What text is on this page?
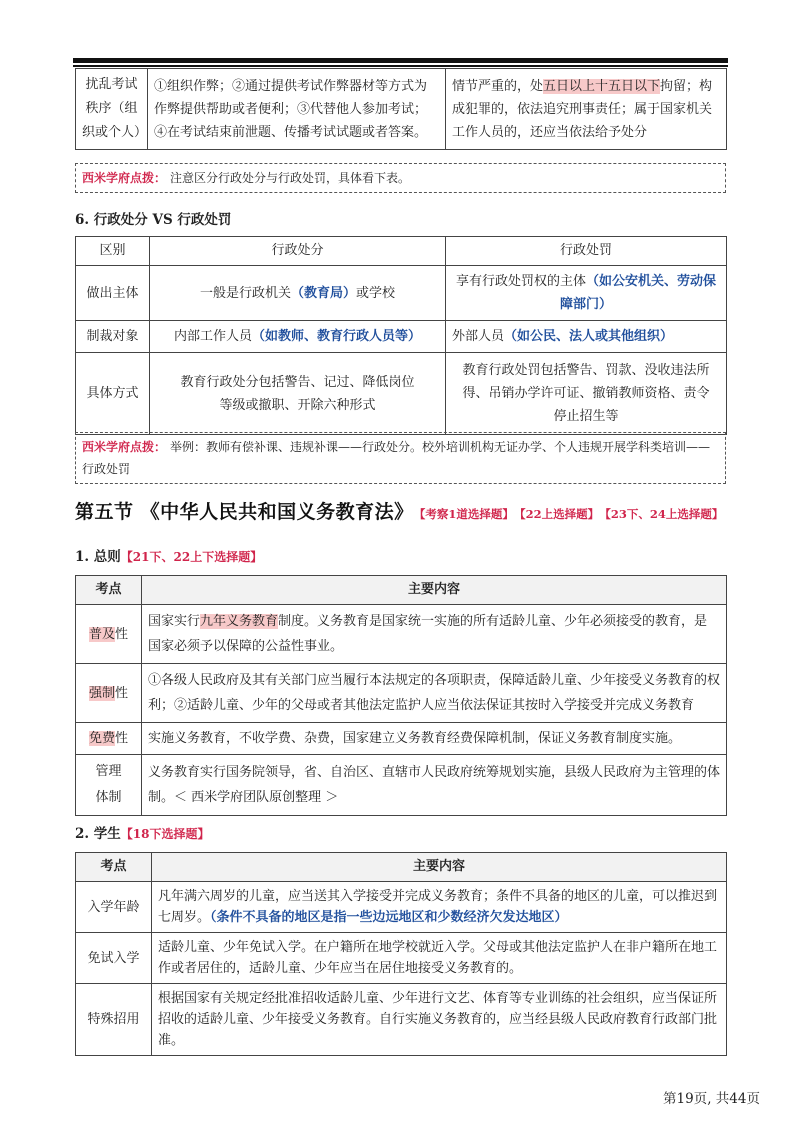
扰乱考试秩序（组织或个人）	①组织作弊；②通过提供考试作弊器材等方式为作弊提供帮助或者便利；③代替他人参加考试；④在考试结束前泄题、传播考试试题或者答案。	情节严重的，处五日以上十五日以下拘留；构成犯罪的，依法追究刑事责任；属于国家机关工作人员的，还应当依法给予处分
西米学府点拨： 注意区分行政处分与行政处罚，具体看下表。
6. 行政处分 VS 行政处罚
区别	行政处分	行政处罚
做出主体	一般是行政机关（教育局）或学校	享有行政处罚权的主体（如公安机关、劳动保障部门）
制裁对象	内部工作人员（如教师、教育行政人员等）	外部人员（如公民、法人或其他组织）
具体方式	教育行政处分包括警告、记过、降低岗位等级或撤职、开除六种形式	教育行政处罚包括警告、罚款、没收违法所得、吊销办学许可证、撤销教师资格、责令停止招生等
西米学府点拨： 举例：教师有偿补课、违规补课——行政处分。校外培训机构无证办学、个人违规开展学科类培训——行政处罚
第五节 《中华人民共和国义务教育法》 【考察1道选择题】 【22上选择题】 【23下、24上选择题】
1. 总则【21下、22上下选择题】
考点	主要内容
普及性	国家实行九年义务教育制度。义务教育是国家统一实施的所有适龄儿童、少年必须接受的教育，是国家必须予以保障的公益性事业。
强制性	①各级人民政府及其有关部门应当履行本法规定的各项职责，保障适龄儿童、少年接受义务教育的权利；②适龄儿童、少年的父母或者其他法定监护人应当依法保证其按时入学接受并完成义务教育
免费性	实施义务教育，不收学费、杂费，国家建立义务教育经费保障机制，保证义务教育制度实施。
管理体制	义务教育实行国务院领导，省、自治区、直辖市人民政府统筹规划实施，县级人民政府为主管理的体制。＜ 西米学府团队原创整理 ＞
2. 学生【18下选择题】
考点	主要内容
入学年龄	凡年满六周岁的儿童，应当送其入学接受并完成义务教育；条件不具备的地区的儿童，可以推迟到七周岁。（条件不具备的地区是指一些边远地区和少数经济欠发达地区）
免试入学	适龄儿童、少年免试入学。在户籍所在地学校就近入学。父母或其他法定监护人在非户籍所在地工作或者居住的，适龄儿童、少年应当在居住地接受义务教育的。
特殊招用	根据国家有关规定经批准招收适龄儿童、少年进行文艺、体育等专业训练的社会组织，应当保证所招收的适龄儿童、少年接受义务教育。自行实施义务教育的，应当经县级人民政府教育行政部门批准。
第19页, 共44页
